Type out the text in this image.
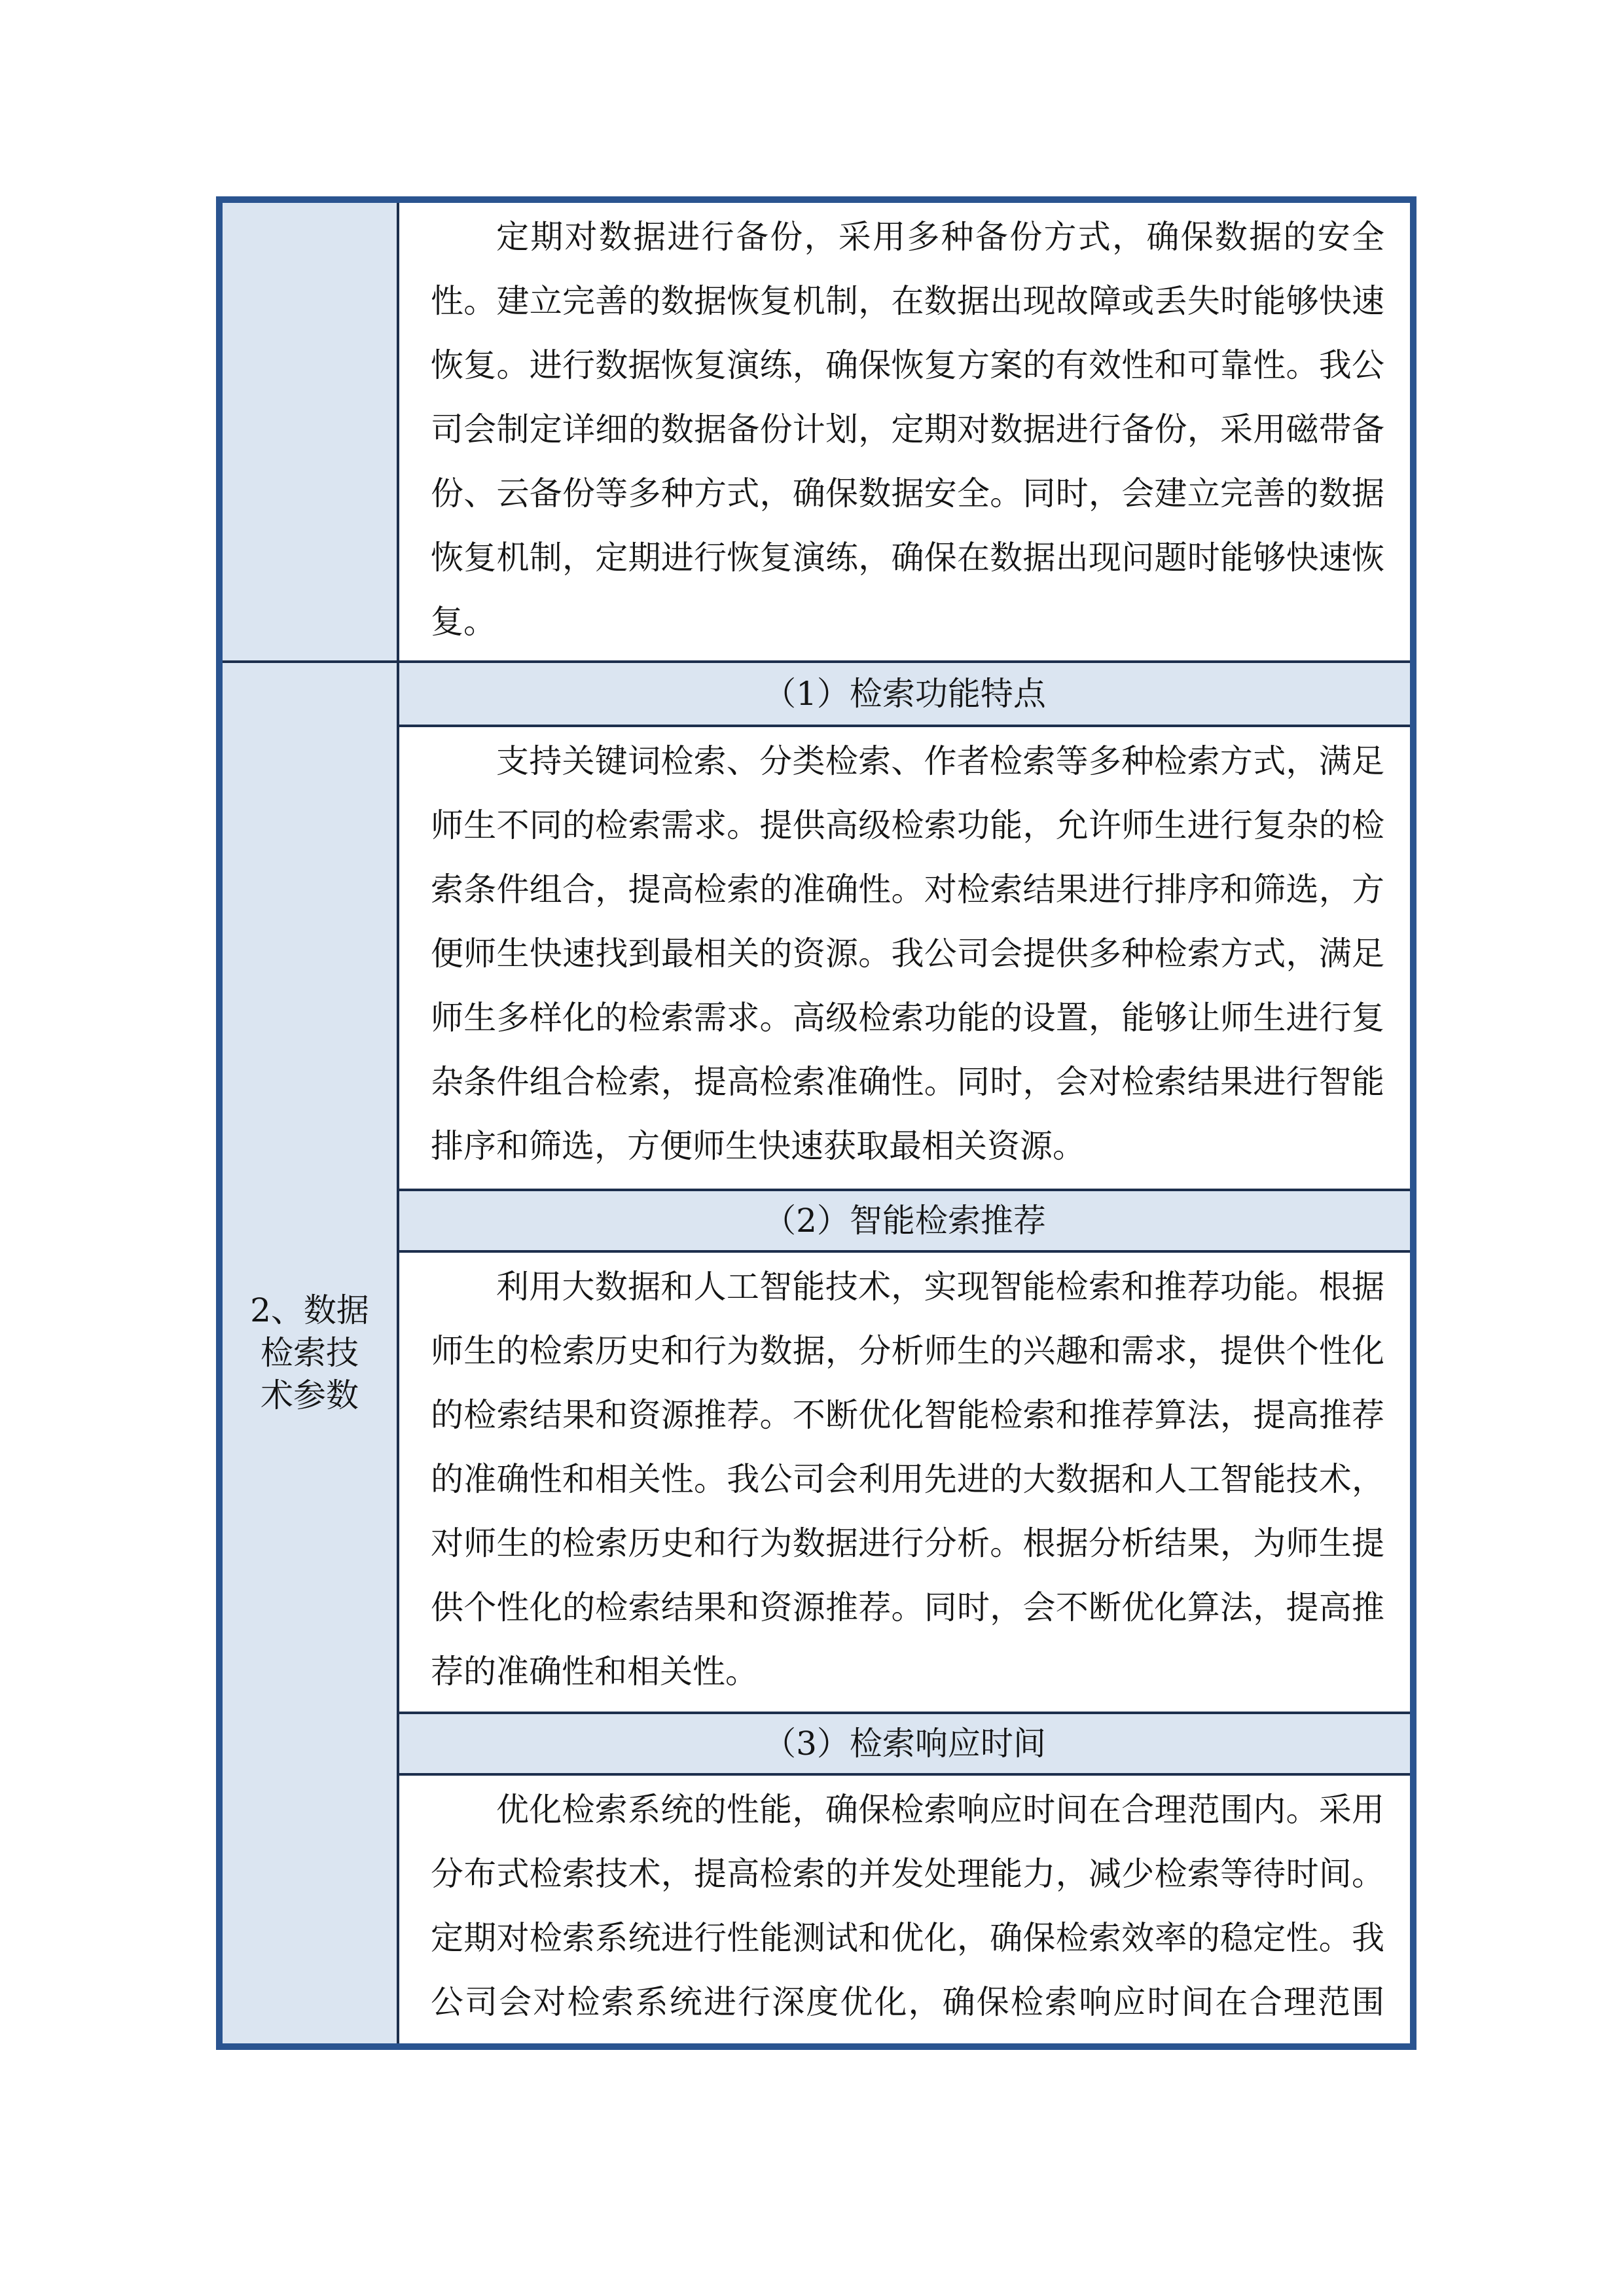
定期对数据进行备份，采用多种备份方式，确保数据的安全性。建立完善的数据恢复机制，在数据出现故障或丢失时能够快速恢复。进行数据恢复演练，确保恢复方案的有效性和可靠性。我公司会制定详细的数据备份计划，定期对数据进行备份，采用磁带备份、云备份等多种方式，确保数据安全。同时，会建立完善的数据恢复机制，定期进行恢复演练，确保在数据出现问题时能够快速恢复。
2、数据检索技术参数
（1）检索功能特点
支持关键词检索、分类检索、作者检索等多种检索方式，满足师生不同的检索需求。提供高级检索功能，允许师生进行复杂的检索条件组合，提高检索的准确性。对检索结果进行排序和筛选，方便师生快速找到最相关的资源。我公司会提供多种检索方式，满足师生多样化的检索需求。高级检索功能的设置，能够让师生进行复杂条件组合检索，提高检索准确性。同时，会对检索结果进行智能排序和筛选，方便师生快速获取最相关资源。
（2）智能检索推荐
利用大数据和人工智能技术，实现智能检索和推荐功能。根据师生的检索历史和行为数据，分析师生的兴趣和需求，提供个性化的检索结果和资源推荐。不断优化智能检索和推荐算法，提高推荐的准确性和相关性。我公司会利用先进的大数据和人工智能技术，对师生的检索历史和行为数据进行分析。根据分析结果，为师生提供个性化的检索结果和资源推荐。同时，会不断优化算法，提高推荐的准确性和相关性。
（3）检索响应时间
优化检索系统的性能，确保检索响应时间在合理范围内。采用分布式检索技术，提高检索的并发处理能力，减少检索等待时间。定期对检索系统进行性能测试和优化，确保检索效率的稳定性。我公司会对检索系统进行深度优化，确保检索响应时间在合理范围
